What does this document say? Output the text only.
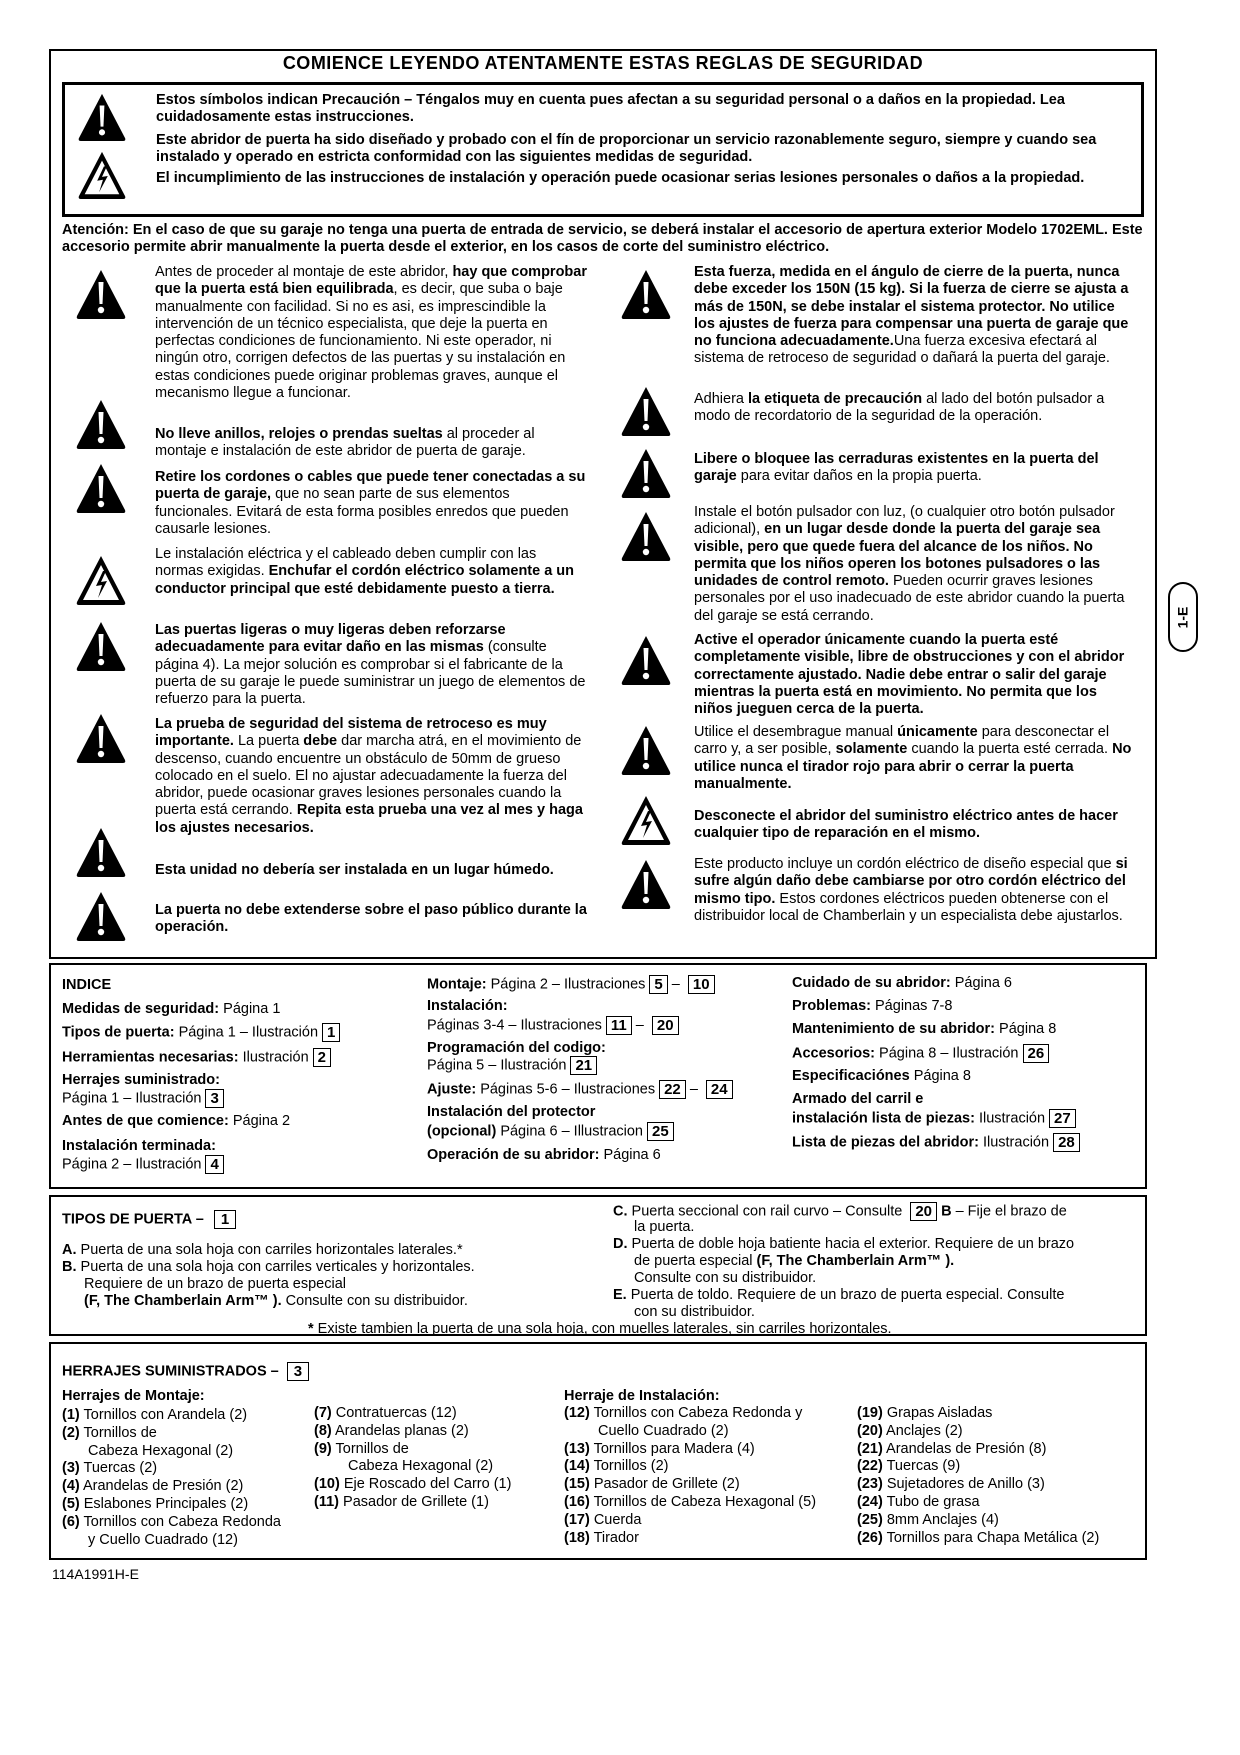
COMIENCE LEYENDO ATENTAMENTE ESTAS REGLAS DE SEGURIDAD
Estos símbolos indican Precaución – Téngalos muy en cuenta pues afectan a su seguridad personal o a daños en la propiedad. Lea cuidadosamente estas instrucciones.
Este abridor de puerta ha sido diseñado y probado con el fín de proporcionar un servicio razonablemente seguro, siempre y cuando sea instalado y operado en estricta conformidad con las siguientes medidas de seguridad.
El incumplimiento de las instrucciones de instalación y operación puede ocasionar serias lesiones personales o daños a la propiedad.
Atención: En el caso de que su garaje no tenga una puerta de entrada de servicio, se deberá instalar el accesorio de apertura exterior Modelo 1702EML. Este accesorio permite abrir manualmente la puerta desde el exterior, en los casos de corte del suministro eléctrico.
Antes de proceder al montaje de este abridor, hay que comprobar que la puerta está bien equilibrada, es decir, que suba o baje manualmente con facilidad. Si no es asi, es imprescindible la intervención de un técnico especialista, que deje la puerta en perfectas condiciones de funcionamiento. Ni este operador, ni ningún otro, corrigen defectos de las puertas y su instalación en estas condiciones puede originar problemas graves, aunque el mecanismo llegue a funcionar.
No lleve anillos, relojes o prendas sueltas al proceder al montaje e instalación de este abridor de puerta de garaje.
Retire los cordones o cables que puede tener conectadas a su puerta de garaje, que no sean parte de sus elementos funcionales. Evitará de esta forma posibles enredos que pueden causarle lesiones.
Le instalación eléctrica y el cableado deben cumplir con las normas exigidas. Enchufar el cordón eléctrico solamente a un conductor principal que esté debidamente puesto a tierra.
Las puertas ligeras o muy ligeras deben reforzarse adecuadamente para evitar daño en las mismas (consulte página 4). La mejor solución es comprobar si el fabricante de la puerta de su garaje le puede suministrar un juego de elementos de refuerzo para la puerta.
La prueba de seguridad del sistema de retroceso es muy importante. La puerta debe dar marcha atrá, en el movimiento de descenso, cuando encuentre un obstáculo de 50mm de grueso colocado en el suelo. El no ajustar adecuadamente la fuerza del abridor, puede ocasionar graves lesiones personales cuando la puerta está cerrando. Repita esta prueba una vez al mes y haga los ajustes necesarios.
Esta unidad no debería ser instalada en un lugar húmedo.
La puerta no debe extenderse sobre el paso público durante la operación.
Esta fuerza, medida en el ángulo de cierre de la puerta, nunca debe exceder los 150N (15 kg). Si la fuerza de cierre se ajusta a más de 150N, se debe instalar el sistema protector. No utilice los ajustes de fuerza para compensar una puerta de garaje que no funciona adecuadamente.Una fuerza excesiva efectará al sistema de retroceso de seguridad o dañará la puerta del garaje.
Adhiera la etiqueta de precaución al lado del botón pulsador a modo de recordatorio de la seguridad de la operación.
Libere o bloquee las cerraduras existentes en la puerta del garaje para evitar daños en la propia puerta.
Instale el botón pulsador con luz, (o cualquier otro botón pulsador adicional), en un lugar desde donde la puerta del garaje sea visible, pero que quede fuera del alcance de los niños. No permita que los niños operen los botones pulsadores o las unidades de control remoto. Pueden ocurrir graves lesiones personales por el uso inadecuado de este abridor cuando la puerta del garaje se está cerrando.
Active el operador únicamente cuando la puerta esté completamente visible, libre de obstrucciones y con el abridor correctamente ajustado. Nadie debe entrar o salir del garaje mientras la puerta está en movimiento. No permita que los niños jueguen cerca de la puerta.
Utilice el desembrague manual únicamente para desconectar el carro y, a ser posible, solamente cuando la puerta esté cerrada. No utilice nunca el tirador rojo para abrir o cerrar la puerta manualmente.
Desconecte el abridor del suministro eléctrico antes de hacer cualquier tipo de reparación en el mismo.
Este producto incluye un cordón eléctrico de diseño especial que si sufre algún daño debe cambiarse por otro cordón eléctrico del mismo tipo. Estos cordones eléctricos pueden obtenerse con el distribuidor local de Chamberlain y un especialista debe ajustarlos.
1-E
INDICE
Medidas de seguridad: Página 1
Tipos de puerta: Página 1 – Ilustración 1
Herramientas necesarias: Ilustración 2
Herrajes suministrado:
Página 1 – Ilustración 3
Antes de que comience: Página 2
Instalación terminada:
Página 2 – Ilustración 4
Montaje: Página 2 – Ilustraciones 5 – 10
Instalación:
Páginas 3-4 – Ilustraciones 11 – 20
Programación del codigo:
Página 5 – Ilustración 21
Ajuste: Páginas 5-6 – Ilustraciones 22 – 24
Instalación del protector
(opcional) Página 6 – Illustracion 25
Operación de su abridor: Página 6
Cuidado de su abridor: Página 6
Problemas: Páginas 7-8
Mantenimiento de su abridor: Página 8
Accesorios: Página 8 – Ilustración 26
Especificaciónes Página 8
Armado del carril e
instalación lista de piezas: Ilustración 27
Lista de piezas del abridor: Ilustración 28
TIPOS DE PUERTA – 1
A. Puerta de una sola hoja con carriles horizontales laterales.*
B. Puerta de una sola hoja con carriles verticales y horizontales.
Requiere de un brazo de puerta especial
(F, The Chamberlain Arm™ ). Consulte con su distribuidor.
C. Puerta seccional con rail curvo – Consulte 20 B – Fije el brazo de
la puerta.
D. Puerta de doble hoja batiente hacia el exterior. Requiere de un brazo
de puerta especial (F, The Chamberlain Arm™ ).
Consulte con su distribuidor.
E. Puerta de toldo. Requiere de un brazo de puerta especial. Consulte
con su distribuidor.
* Existe tambien la puerta de una sola hoja, con muelles laterales, sin carriles horizontales.
HERRAJES SUMINISTRADOS – 3
Herrajes de Montaje:	Herraje de Instalación:
(1) Tornillos con Arandela (2)
(2) Tornillos de
Cabeza Hexagonal (2)
(3) Tuercas (2)
(4) Arandelas de Presión (2)
(5) Eslabones Principales (2)
(6) Tornillos con Cabeza Redonda
y Cuello Cuadrado (12)
(7) Contratuercas (12)
(8) Arandelas planas (2)
(9) Tornillos de
Cabeza Hexagonal (2)
(10) Eje Roscado del Carro (1)
(11) Pasador de Grillete (1)
(12) Tornillos con Cabeza Redonda y
Cuello Cuadrado (2)
(13) Tornillos para Madera (4)
(14) Tornillos (2)
(15) Pasador de Grillete (2)
(16) Tornillos de Cabeza Hexagonal (5)
(17) Cuerda
(18) Tirador
(19) Grapas Aisladas
(20) Anclajes (2)
(21) Arandelas de Presión (8)
(22) Tuercas (9)
(23) Sujetadores de Anillo (3)
(24) Tubo de grasa
(25) 8mm Anclajes (4)
(26) Tornillos para Chapa Metálica (2)
114A1991H-E
